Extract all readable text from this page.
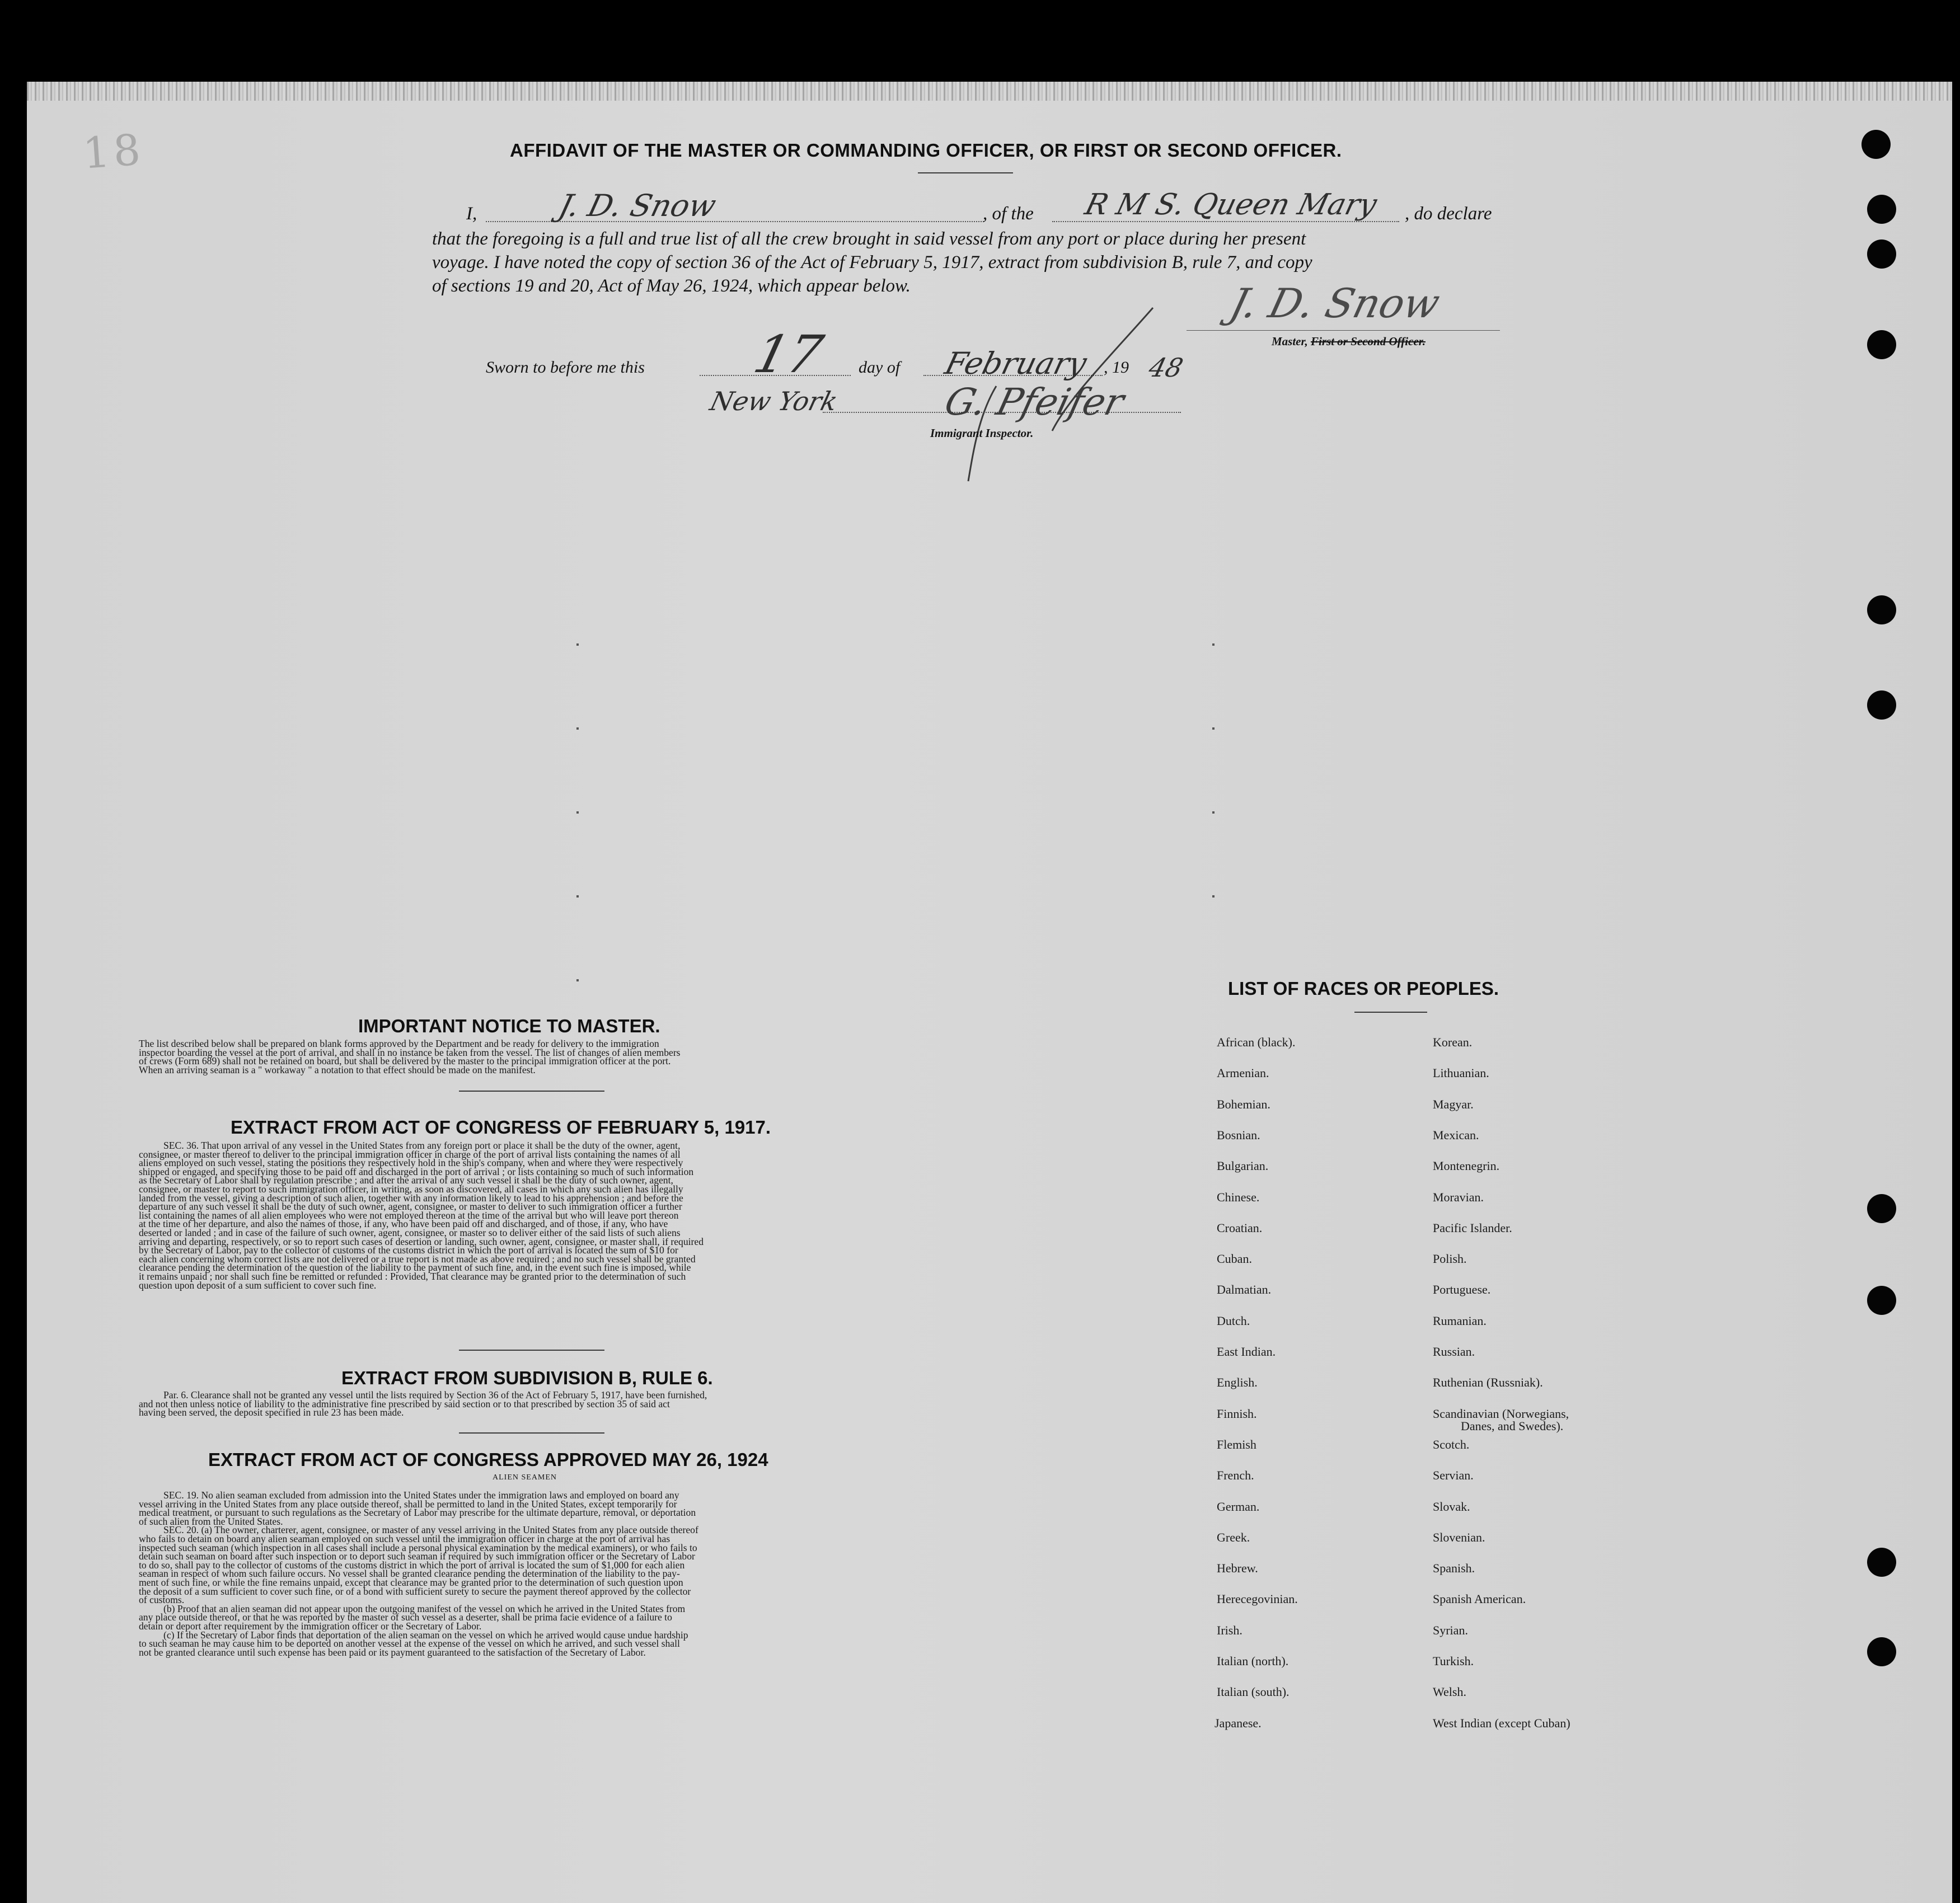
18	AFFIDAVIT OF THE MASTER OR COMMANDING OFFICER, OR FIRST OR SECOND OFFICER.
I,	J. D. Snow	, of the R M S. Queen Mary , do declare
that the foregoing is a full and true list of all the crew brought in said vessel from any port or place during her present
voyage. I have noted the copy of section 36 of the Act of February 5, 1917, extract from subdivision B, rule 7, and copy
of sections 19 and 20, Act of May 26, 1924, which appear below.	J. D. Snow
Master, First or Second Officer.
Sworn to before me this 17 day of February , 19 48
New York	G. Pfeifer
Immigrant Inspector.
IMPORTANT NOTICE TO MASTER.
The list described below shall be prepared on blank forms approved by the Department and be ready for delivery to the immigration
inspector boarding the vessel at the port of arrival, and shall in no instance be taken from the vessel. The list of changes of alien members
of crews (Form 689) shall not be retained on board, but shall be delivered by the master to the principal immigration officer at the port.
When an arriving seaman is a " workaway " a notation to that effect should be made on the manifest.
EXTRACT FROM ACT OF CONGRESS OF FEBRUARY 5, 1917.
SEC. 36. That upon arrival of any vessel in the United States from any foreign port or place it shall be the duty of the owner, agent,
consignee, or master thereof to deliver to the principal immigration officer in charge of the port of arrival lists containing the names of all
aliens employed on such vessel, stating the positions they respectively hold in the ship's company, when and where they were respectively
shipped or engaged, and specifying those to be paid off and discharged in the port of arrival ; or lists containing so much of such information
as the Secretary of Labor shall by regulation prescribe ; and after the arrival of any such vessel it shall be the duty of such owner, agent,
consignee, or master to report to such immigration officer, in writing, as soon as discovered, all cases in which any such alien has illegally
landed from the vessel, giving a description of such alien, together with any information likely to lead to his apprehension ; and before the
departure of any such vessel it shall be the duty of such owner, agent, consignee, or master to deliver to such immigration officer a further
list containing the names of all alien employees who were not employed thereon at the time of the arrival but who will leave port thereon
at the time of her departure, and also the names of those, if any, who have been paid off and discharged, and of those, if any, who have
deserted or landed ; and in case of the failure of such owner, agent, consignee, or master so to deliver either of the said lists of such aliens
arriving and departing, respectively, or so to report such cases of desertion or landing, such owner, agent, consignee, or master shall, if required
by the Secretary of Labor, pay to the collector of customs of the customs district in which the port of arrival is located the sum of $10 for
each alien concerning whom correct lists are not delivered or a true report is not made as above required ; and no such vessel shall be granted
clearance pending the determination of the question of the liability to the payment of such fine, and, in the event such fine is imposed, while
it remains unpaid ; nor shall such fine be remitted or refunded : Provided, That clearance may be granted prior to the determination of such
question upon deposit of a sum sufficient to cover such fine.
EXTRACT FROM SUBDIVISION B, RULE 6.
Par. 6. Clearance shall not be granted any vessel until the lists required by Section 36 of the Act of February 5, 1917, have been furnished,
and not then unless notice of liability to the administrative fine prescribed by said section or to that prescribed by section 35 of said act
having been served, the deposit specified in rule 23 has been made.
EXTRACT FROM ACT OF CONGRESS APPROVED MAY 26, 1924
ALIEN SEAMEN
SEC. 19. No alien seaman excluded from admission into the United States under the immigration laws and employed on board any
vessel arriving in the United States from any place outside thereof, shall be permitted to land in the United States, except temporarily for
medical treatment, or pursuant to such regulations as the Secretary of Labor may prescribe for the ultimate departure, removal, or deportation
of such alien from the United States.
SEC. 20. (a) The owner, charterer, agent, consignee, or master of any vessel arriving in the United States from any place outside thereof
who fails to detain on board any alien seaman employed on such vessel until the immigration officer in charge at the port of arrival has
inspected such seaman (which inspection in all cases shall include a personal physical examination by the medical examiners), or who fails to
detain such seaman on board after such inspection or to deport such seaman if required by such immigration officer or the Secretary of Labor
to do so, shall pay to the collector of customs of the customs district in which the port of arrival is located the sum of $1,000 for each alien
seaman in respect of whom such failure occurs. No vessel shall be granted clearance pending the determination of the liability to the pay-
ment of such fine, or while the fine remains unpaid, except that clearance may be granted prior to the determination of such question upon
the deposit of a sum sufficient to cover such fine, or of a bond with sufficient surety to secure the payment thereof approved by the collector
of customs.
(b) Proof that an alien seaman did not appear upon the outgoing manifest of the vessel on which he arrived in the United States from
any place outside thereof, or that he was reported by the master of such vessel as a deserter, shall be prima facie evidence of a failure to
detain or deport after requirement by the immigration officer or the Secretary of Labor.
(c) If the Secretary of Labor finds that deportation of the alien seaman on the vessel on which he arrived would cause undue hardship
to such seaman he may cause him to be deported on another vessel at the expense of the vessel on which he arrived, and such vessel shall
not be granted clearance until such expense has been paid or its payment guaranteed to the satisfaction of the Secretary of Labor.
LIST OF RACES OR PEOPLES.
African (black).
Armenian.
Bohemian.
Bosnian.
Bulgarian.
Chinese.
Croatian.
Cuban.
Dalmatian.
Dutch.
East Indian.
English.
Finnish.
Flemish
French.
German.
Greek.
Hebrew.
Herecegovinian.
Irish.
Italian (north).
Italian (south).
Japanese.
Korean.
Lithuanian.
Magyar.
Mexican.
Montenegrin.
Moravian.
Pacific Islander.
Polish.
Portuguese.
Rumanian.
Russian.
Ruthenian (Russniak).
Scandinavian (Norwegians,
Scotch.
Servian.
Slovak.
Slovenian.
Spanish.
Spanish American.
Syrian.
Turkish.
Welsh.
West Indian (except Cuban)
Danes, and Swedes).
